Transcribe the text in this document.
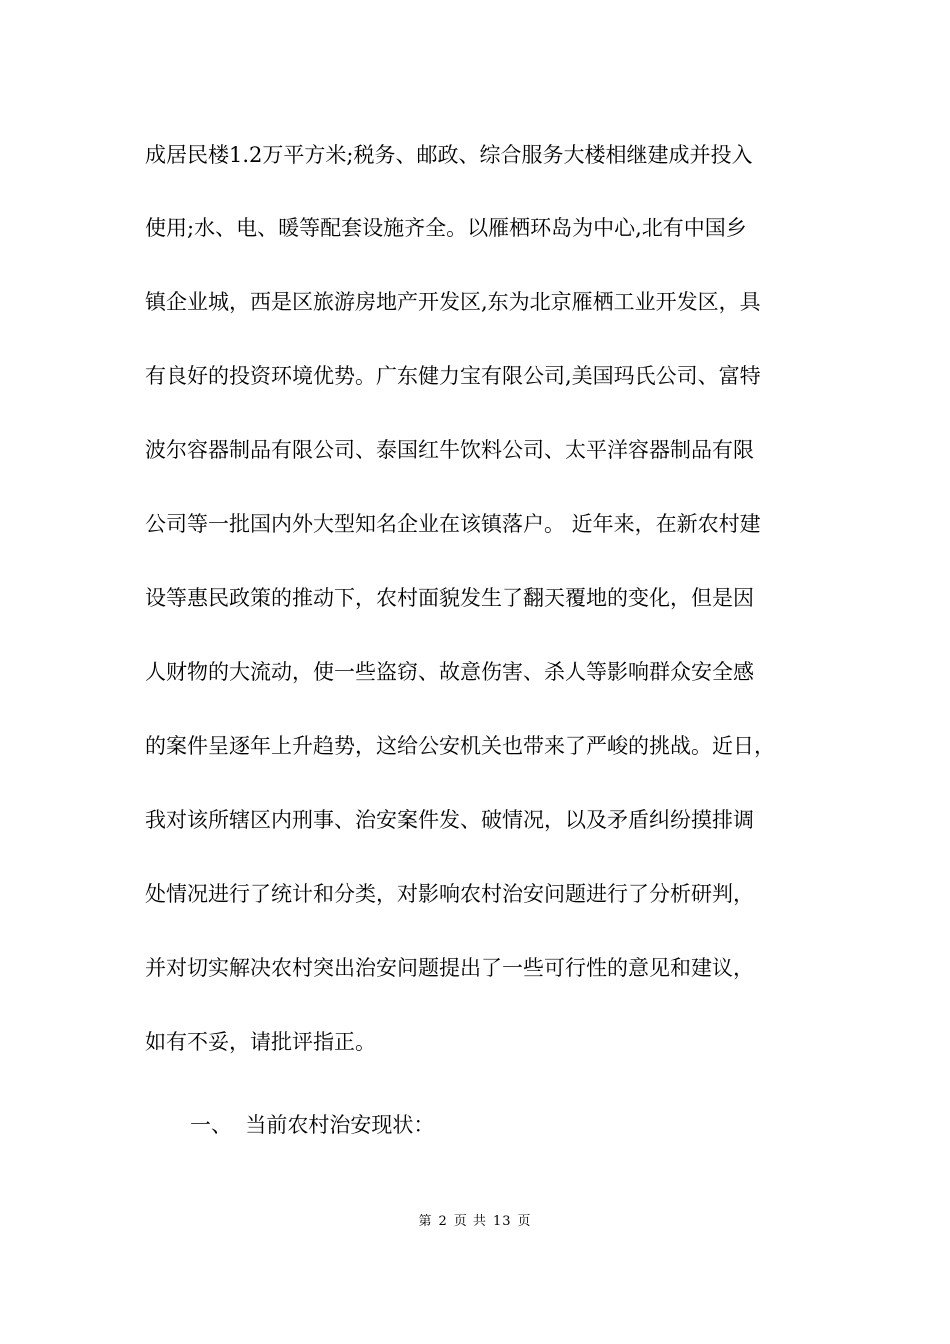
成居民楼1.2万平方米;税务、邮政、综合服务大楼相继建成并投入
使用;水、电、暖等配套设施齐全。以雁栖环岛为中心,北有中国乡
镇企业城，西是区旅游房地产开发区,东为北京雁栖工业开发区，具
有良好的投资环境优势。广东健力宝有限公司,美国玛氏公司、富特
波尔容器制品有限公司、泰国红牛饮料公司、太平洋容器制品有限
公司等一批国内外大型知名企业在该镇落户。 近年来，在新农村建
设等惠民政策的推动下，农村面貌发生了翻天覆地的变化，但是因
人财物的大流动，使一些盗窃、故意伤害、杀人等影响群众安全感
的案件呈逐年上升趋势，这给公安机关也带来了严峻的挑战。近日，
我对该所辖区内刑事、治安案件发、破情况，以及矛盾纠纷摸排调
处情况进行了统计和分类，对影响农村治安问题进行了分析研判，
并对切实解决农村突出治安问题提出了一些可行性的意见和建议，
如有不妥，请批评指正。
一、  当前农村治安现状：
第 2 页 共 13 页
